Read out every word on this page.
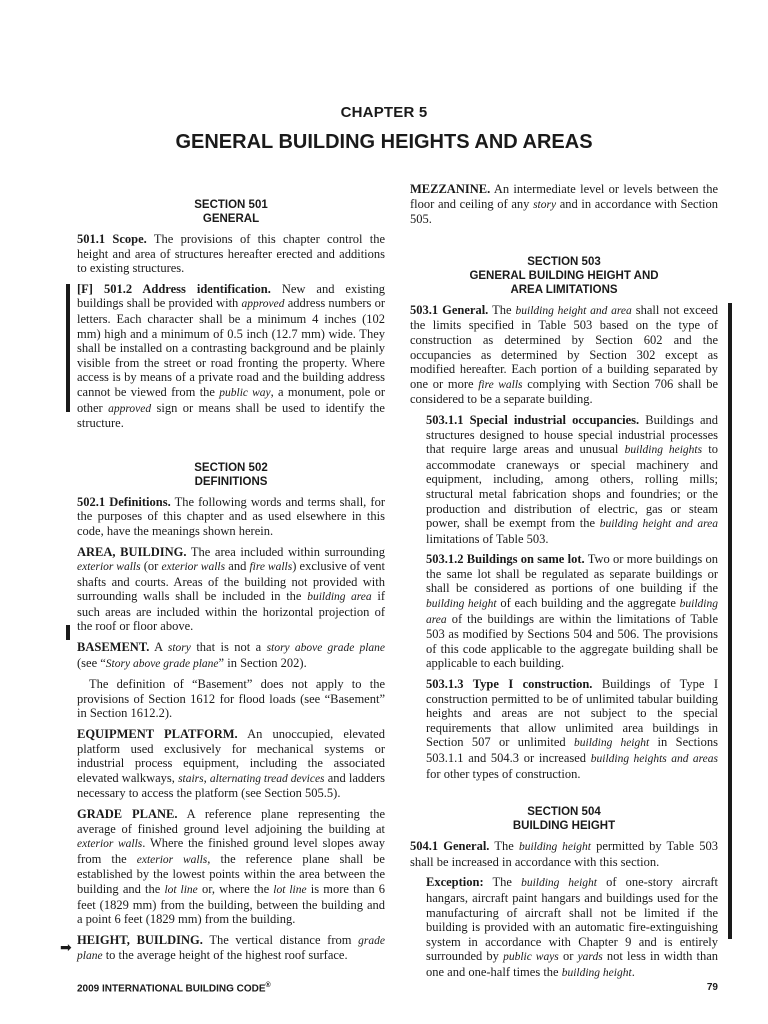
CHAPTER 5
GENERAL BUILDING HEIGHTS AND AREAS
SECTION 501
GENERAL

501.1 Scope. The provisions of this chapter control the height and area of structures hereafter erected and additions to existing structures.

[F] 501.2 Address identification. New and existing buildings shall be provided with approved address numbers or letters. Each character shall be a minimum 4 inches (102 mm) high and a minimum of 0.5 inch (12.7 mm) wide. They shall be installed on a contrasting background and be plainly visible from the street or road fronting the property. Where access is by means of a private road and the building address cannot be viewed from the public way, a monument, pole or other approved sign or means shall be used to identify the structure.

SECTION 502
DEFINITIONS

502.1 Definitions. The following words and terms shall, for the purposes of this chapter and as used elsewhere in this code, have the meanings shown herein.

AREA, BUILDING. The area included within surrounding exterior walls (or exterior walls and fire walls) exclusive of vent shafts and courts. Areas of the building not provided with surrounding walls shall be included in the building area if such areas are included within the horizontal projection of the roof or floor above.

BASEMENT. A story that is not a story above grade plane (see “Story above grade plane” in Section 202).

The definition of “Basement” does not apply to the provisions of Section 1612 for flood loads (see “Basement” in Section 1612.2).

EQUIPMENT PLATFORM. An unoccupied, elevated platform used exclusively for mechanical systems or industrial process equipment, including the associated elevated walkways, stairs, alternating tread devices and ladders necessary to access the platform (see Section 505.5).

GRADE PLANE. A reference plane representing the average of finished ground level adjoining the building at exterior walls. Where the finished ground level slopes away from the exterior walls, the reference plane shall be established by the lowest points within the area between the building and the lot line or, where the lot line is more than 6 feet (1829 mm) from the building, between the building and a point 6 feet (1829 mm) from the building.

HEIGHT, BUILDING. The vertical distance from grade plane to the average height of the highest roof surface.

MEZZANINE. An intermediate level or levels between the floor and ceiling of any story and in accordance with Section 505.

SECTION 503
GENERAL BUILDING HEIGHT AND
AREA LIMITATIONS

503.1 General. The building height and area shall not exceed the limits specified in Table 503 based on the type of construction as determined by Section 602 and the occupancies as determined by Section 302 except as modified hereafter. Each portion of a building separated by one or more fire walls complying with Section 706 shall be considered to be a separate building.

503.1.1 Special industrial occupancies. Buildings and structures designed to house special industrial processes that require large areas and unusual building heights to accommodate craneways or special machinery and equipment, including, among others, rolling mills; structural metal fabrication shops and foundries; or the production and distribution of electric, gas or steam power, shall be exempt from the building height and area limitations of Table 503.

503.1.2 Buildings on same lot. Two or more buildings on the same lot shall be regulated as separate buildings or shall be considered as portions of one building if the building height of each building and the aggregate building area of the buildings are within the limitations of Table 503 as modified by Sections 504 and 506. The provisions of this code applicable to the aggregate building shall be applicable to each building.

503.1.3 Type I construction. Buildings of Type I construction permitted to be of unlimited tabular building heights and areas are not subject to the special requirements that allow unlimited area buildings in Section 507 or unlimited building height in Sections 503.1.1 and 504.3 or increased building heights and areas for other types of construction.

SECTION 504
BUILDING HEIGHT

504.1 General. The building height permitted by Table 503 shall be increased in accordance with this section.

Exception: The building height of one-story aircraft hangars, aircraft paint hangars and buildings used for the manufacturing of aircraft shall not be limited if the building is provided with an automatic fire-extinguishing system in accordance with Chapter 9 and is entirely surrounded by public ways or yards not less in width than one and one-half times the building height.

➡
2009 INTERNATIONAL BUILDING CODE®	79
